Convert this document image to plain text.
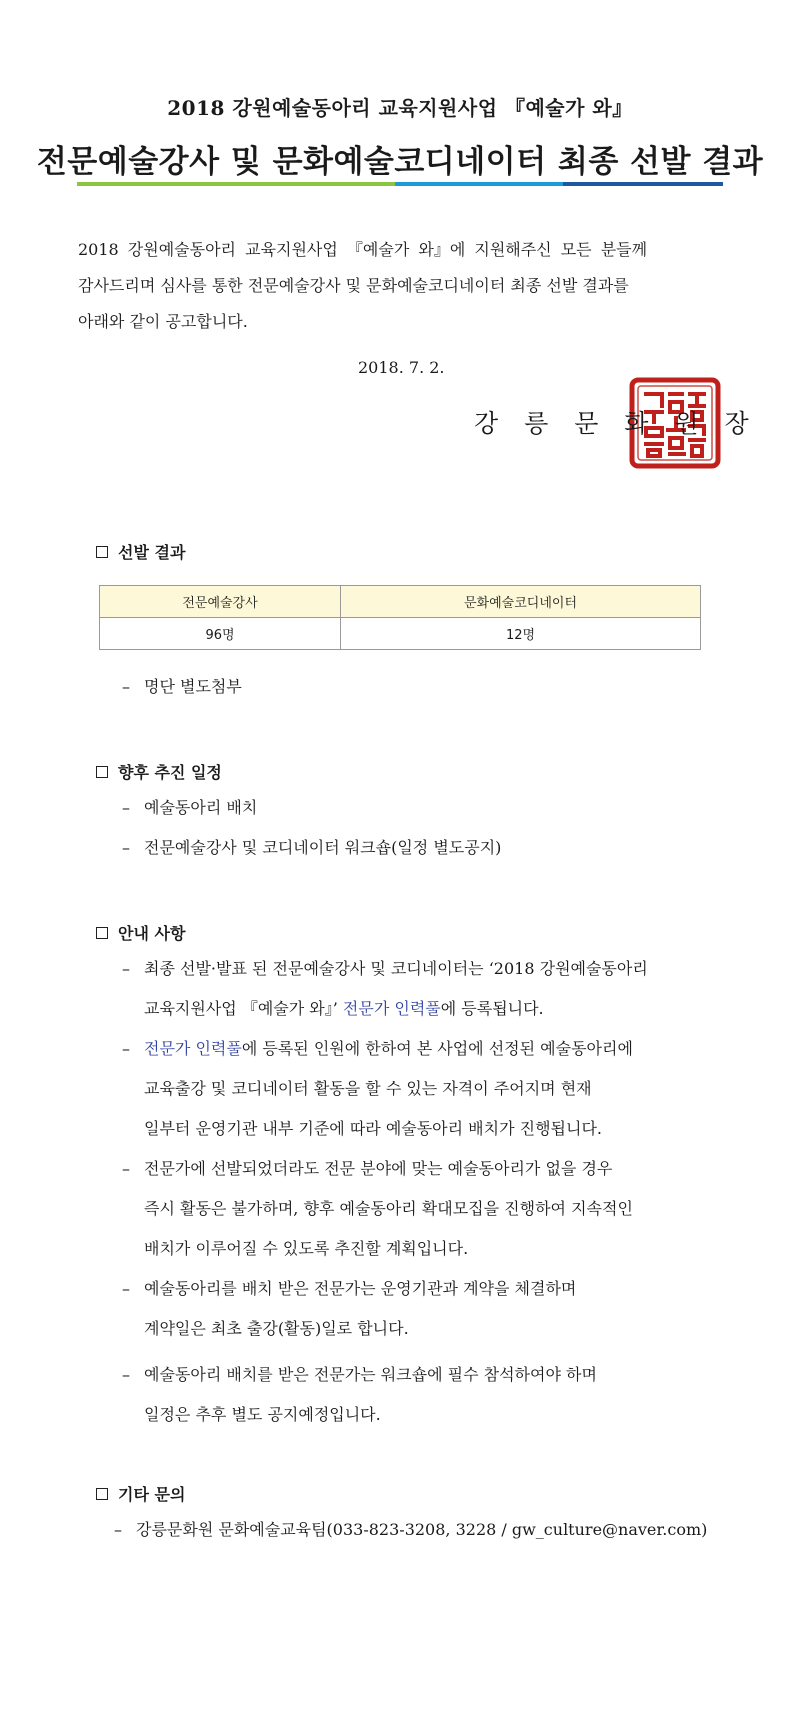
2018 강원예술동아리 교육지원사업 『예술가 와』
전문예술강사 및 문화예술코디네이터 최종 선발 결과
2018 강원예술동아리 교육지원사업 『예술가 와』에 지원해주신 모든 분들께
감사드리며 심사를 통한 전문예술강사 및 문화예술코디네이터 최종 선발 결과를
아래와 같이 공고합니다.
2018. 7. 2.
강 릉 문 화 원 장
선발 결과
전문예술강사	문화예술코디네이터
96명	12명
– 명단 별도첨부
향후 추진 일정
– 예술동아리 배치
– 전문예술강사 및 코디네이터 워크숍(일정 별도공지)
안내 사항
– 최종 선발·발표 된 전문예술강사 및 코디네이터는 ‘2018 강원예술동아리
교육지원사업 『예술가 와』’ 전문가 인력풀에 등록됩니다.
– 전문가 인력풀에 등록된 인원에 한하여 본 사업에 선정된 예술동아리에
교육출강 및 코디네이터 활동을 할 수 있는 자격이 주어지며 현재
일부터 운영기관 내부 기준에 따라 예술동아리 배치가 진행됩니다.
– 전문가에 선발되었더라도 전문 분야에 맞는 예술동아리가 없을 경우
즉시 활동은 불가하며, 향후 예술동아리 확대모집을 진행하여 지속적인
배치가 이루어질 수 있도록 추진할 계획입니다.
– 예술동아리를 배치 받은 전문가는 운영기관과 계약을 체결하며
계약일은 최초 출강(활동)일로 합니다.
– 예술동아리 배치를 받은 전문가는 워크숍에 필수 참석하여야 하며
일정은 추후 별도 공지예정입니다.
기타 문의
– 강릉문화원 문화예술교육팀(033-823-3208, 3228 / gw_culture@naver.com)
